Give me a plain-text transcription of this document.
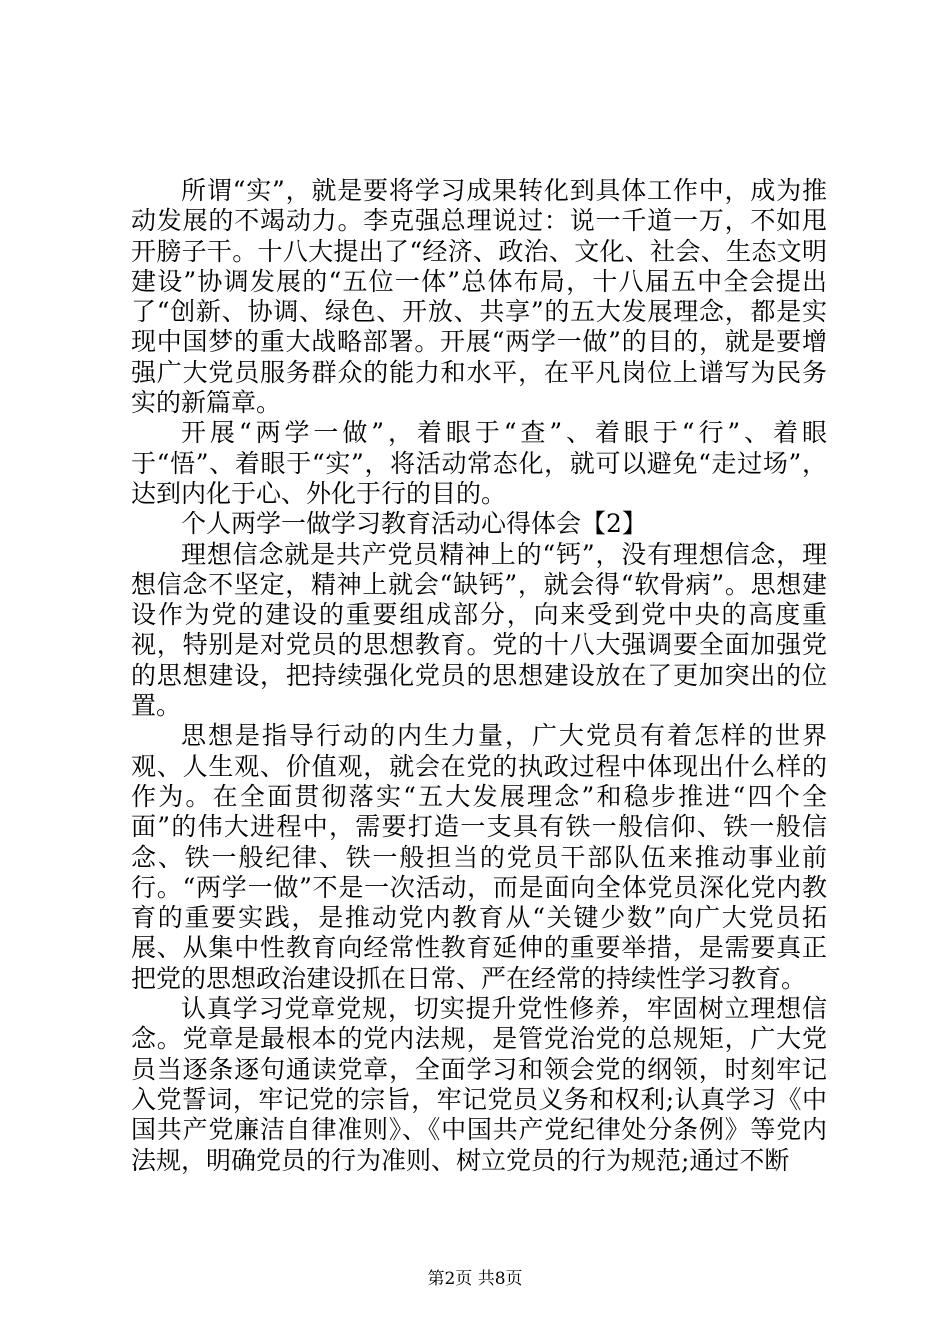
所谓“实”，就是要将学习成果转化到具体工作中，成为推动发展的不竭动力。李克强总理说过：说一千道一万，不如甩开膀子干。十八大提出了“经济、政治、文化、社会、生态文明建设”协调发展的“五位一体”总体布局，十八届五中全会提出了“创新、协调、绿色、开放、共享”的五大发展理念，都是实现中国梦的重大战略部署。开展“两学一做”的目的，就是要增强广大党员服务群众的能力和水平，在平凡岗位上谱写为民务实的新篇章。

开展“两学一做”，着眼于“查”、着眼于“行”、着眼于“悟”、着眼于“实”，将活动常态化，就可以避免“走过场”，达到内化于心、外化于行的目的。

个人两学一做学习教育活动心得体会【2】

理想信念就是共产党员精神上的“钙”，没有理想信念，理想信念不坚定，精神上就会“缺钙”，就会得“软骨病”。思想建设作为党的建设的重要组成部分，向来受到党中央的高度重视，特别是对党员的思想教育。党的十八大强调要全面加强党的思想建设，把持续强化党员的思想建设放在了更加突出的位置。

思想是指导行动的内生力量，广大党员有着怎样的世界观、人生观、价值观，就会在党的执政过程中体现出什么样的作为。在全面贯彻落实“五大发展理念”和稳步推进“四个全面”的伟大进程中，需要打造一支具有铁一般信仰、铁一般信念、铁一般纪律、铁一般担当的党员干部队伍来推动事业前行。“两学一做”不是一次活动，而是面向全体党员深化党内教育的重要实践，是推动党内教育从“关键少数”向广大党员拓展、从集中性教育向经常性教育延伸的重要举措，是需要真正把党的思想政治建设抓在日常、严在经常的持续性学习教育。

认真学习党章党规，切实提升党性修养，牢固树立理想信念。党章是最根本的党内法规，是管党治党的总规矩，广大党员当逐条逐句通读党章，全面学习和领会党的纲领，时刻牢记入党誓词，牢记党的宗旨，牢记党员义务和权利;认真学习《中国共产党廉洁自律准则》、《中国共产党纪律处分条例》等党内法规，明确党员的行为准则、树立党员的行为规范;通过不断

第2页 共8页
